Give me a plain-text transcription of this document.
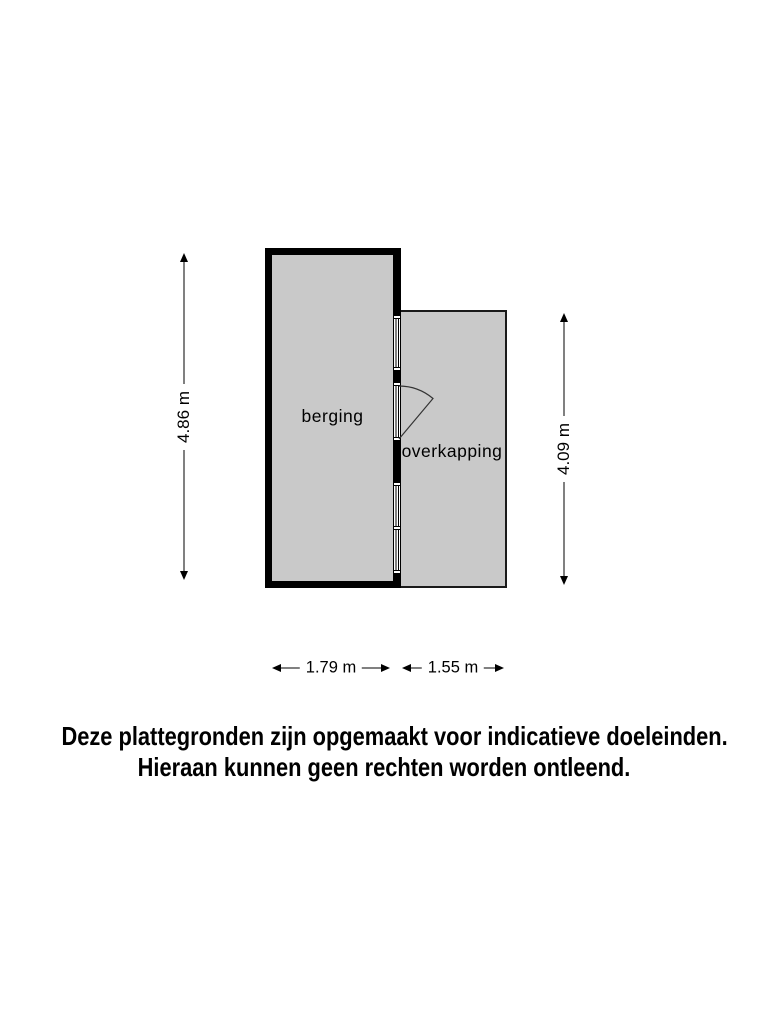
berging
overkapping
4.86 m
4.09 m
1.79 m	1.55 m
Deze plattegronden zijn opgemaakt voor indicatieve doeleinden.
Hieraan kunnen geen rechten worden ontleend.
